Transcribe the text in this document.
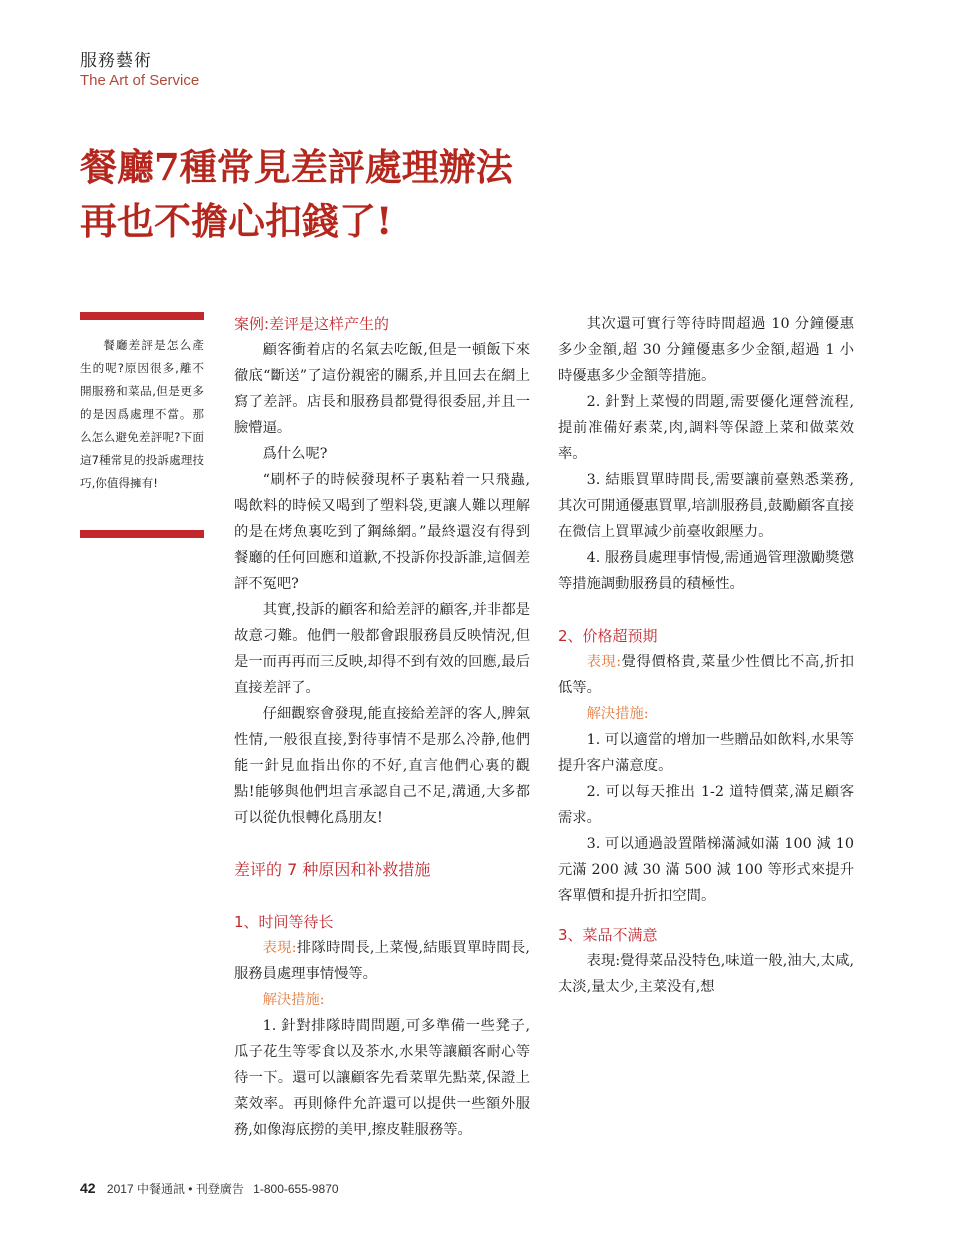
服務藝術
The Art of Service
餐廳7種常見差評處理辦法
再也不擔心扣錢了!

餐廳差評是怎么產生的呢?原因很多,離不開服務和菜品,但是更多的是因爲處理不當。那么怎么避免差評呢?下面這7種常見的投訴處理技巧,你值得擁有!

案例:差评是这样产生的

顧客衝着店的名氣去吃飯,但是一頓飯下來徹底“斷送”了這份親密的關系,并且回去在網上寫了差評。店長和服務員都覺得很委屈,并且一臉懵逼。

爲什么呢?

“刷杯子的時候發現杯子裏粘着一只飛蟲,喝飲料的時候又喝到了塑料袋,更讓人難以理解的是在烤魚裏吃到了鋼絲網。”最終還沒有得到餐廳的任何回應和道歉,不投訴你投訴誰,這個差評不冤吧?

其實,投訴的顧客和給差評的顧客,并非都是故意刁難。他們一般都會跟服務員反映情況,但是一而再再而三反映,却得不到有效的回應,最后直接差評了。

仔細觀察會發現,能直接給差評的客人,脾氣性情,一般很直接,對待事情不是那么冷静,他們能一針見血指出你的不好,直言他們心裏的觀點!能够與他們坦言承認自己不足,溝通,大多都可以從仇恨轉化爲朋友!

差评的 7 种原因和补救措施
1、时间等待长

表現:排隊時間長,上菜慢,結賬買單時間長,服務員處理事情慢等。

解決措施:

1. 針對排隊時間問題,可多準備一些凳子,瓜子花生等零食以及茶水,水果等讓顧客耐心等待一下。還可以讓顧客先看菜單先點菜,保證上菜效率。再則條件允許還可以提供一些額外服務,如像海底撈的美甲,擦皮鞋服務等。

其次還可實行等待時間超過 10 分鐘優惠多少金額,超 30 分鐘優惠多少金額,超過 1 小時優惠多少金額等措施。

2. 針對上菜慢的問題,需要優化運營流程,提前准備好素菜,肉,調料等保證上菜和做菜效率。

3. 結賬買單時間長,需要讓前臺熟悉業務,其次可開通優惠買單,培訓服務員,鼓勵顧客直接在微信上買單減少前臺收銀壓力。

4. 服務員處理事情慢,需通過管理激勵獎懲等措施調動服務員的積極性。

2、价格超预期

表現:覺得價格貴,菜量少性價比不高,折扣低等。

解決措施:

1. 可以適當的增加一些贈品如飲料,水果等提升客户滿意度。

2. 可以每天推出 1-2 道特價菜,滿足顧客需求。

3. 可以通過設置階梯滿減如滿 100 減 10 元滿 200 減 30 滿 500 減 100 等形式來提升客單價和提升折扣空間。

3、菜品不满意

表現:覺得菜品没特色,味道一般,油大,太咸,太淡,量太少,主菜没有,想

42 2017 中餐通訊 • 刊登廣告 1-800-655-9870
